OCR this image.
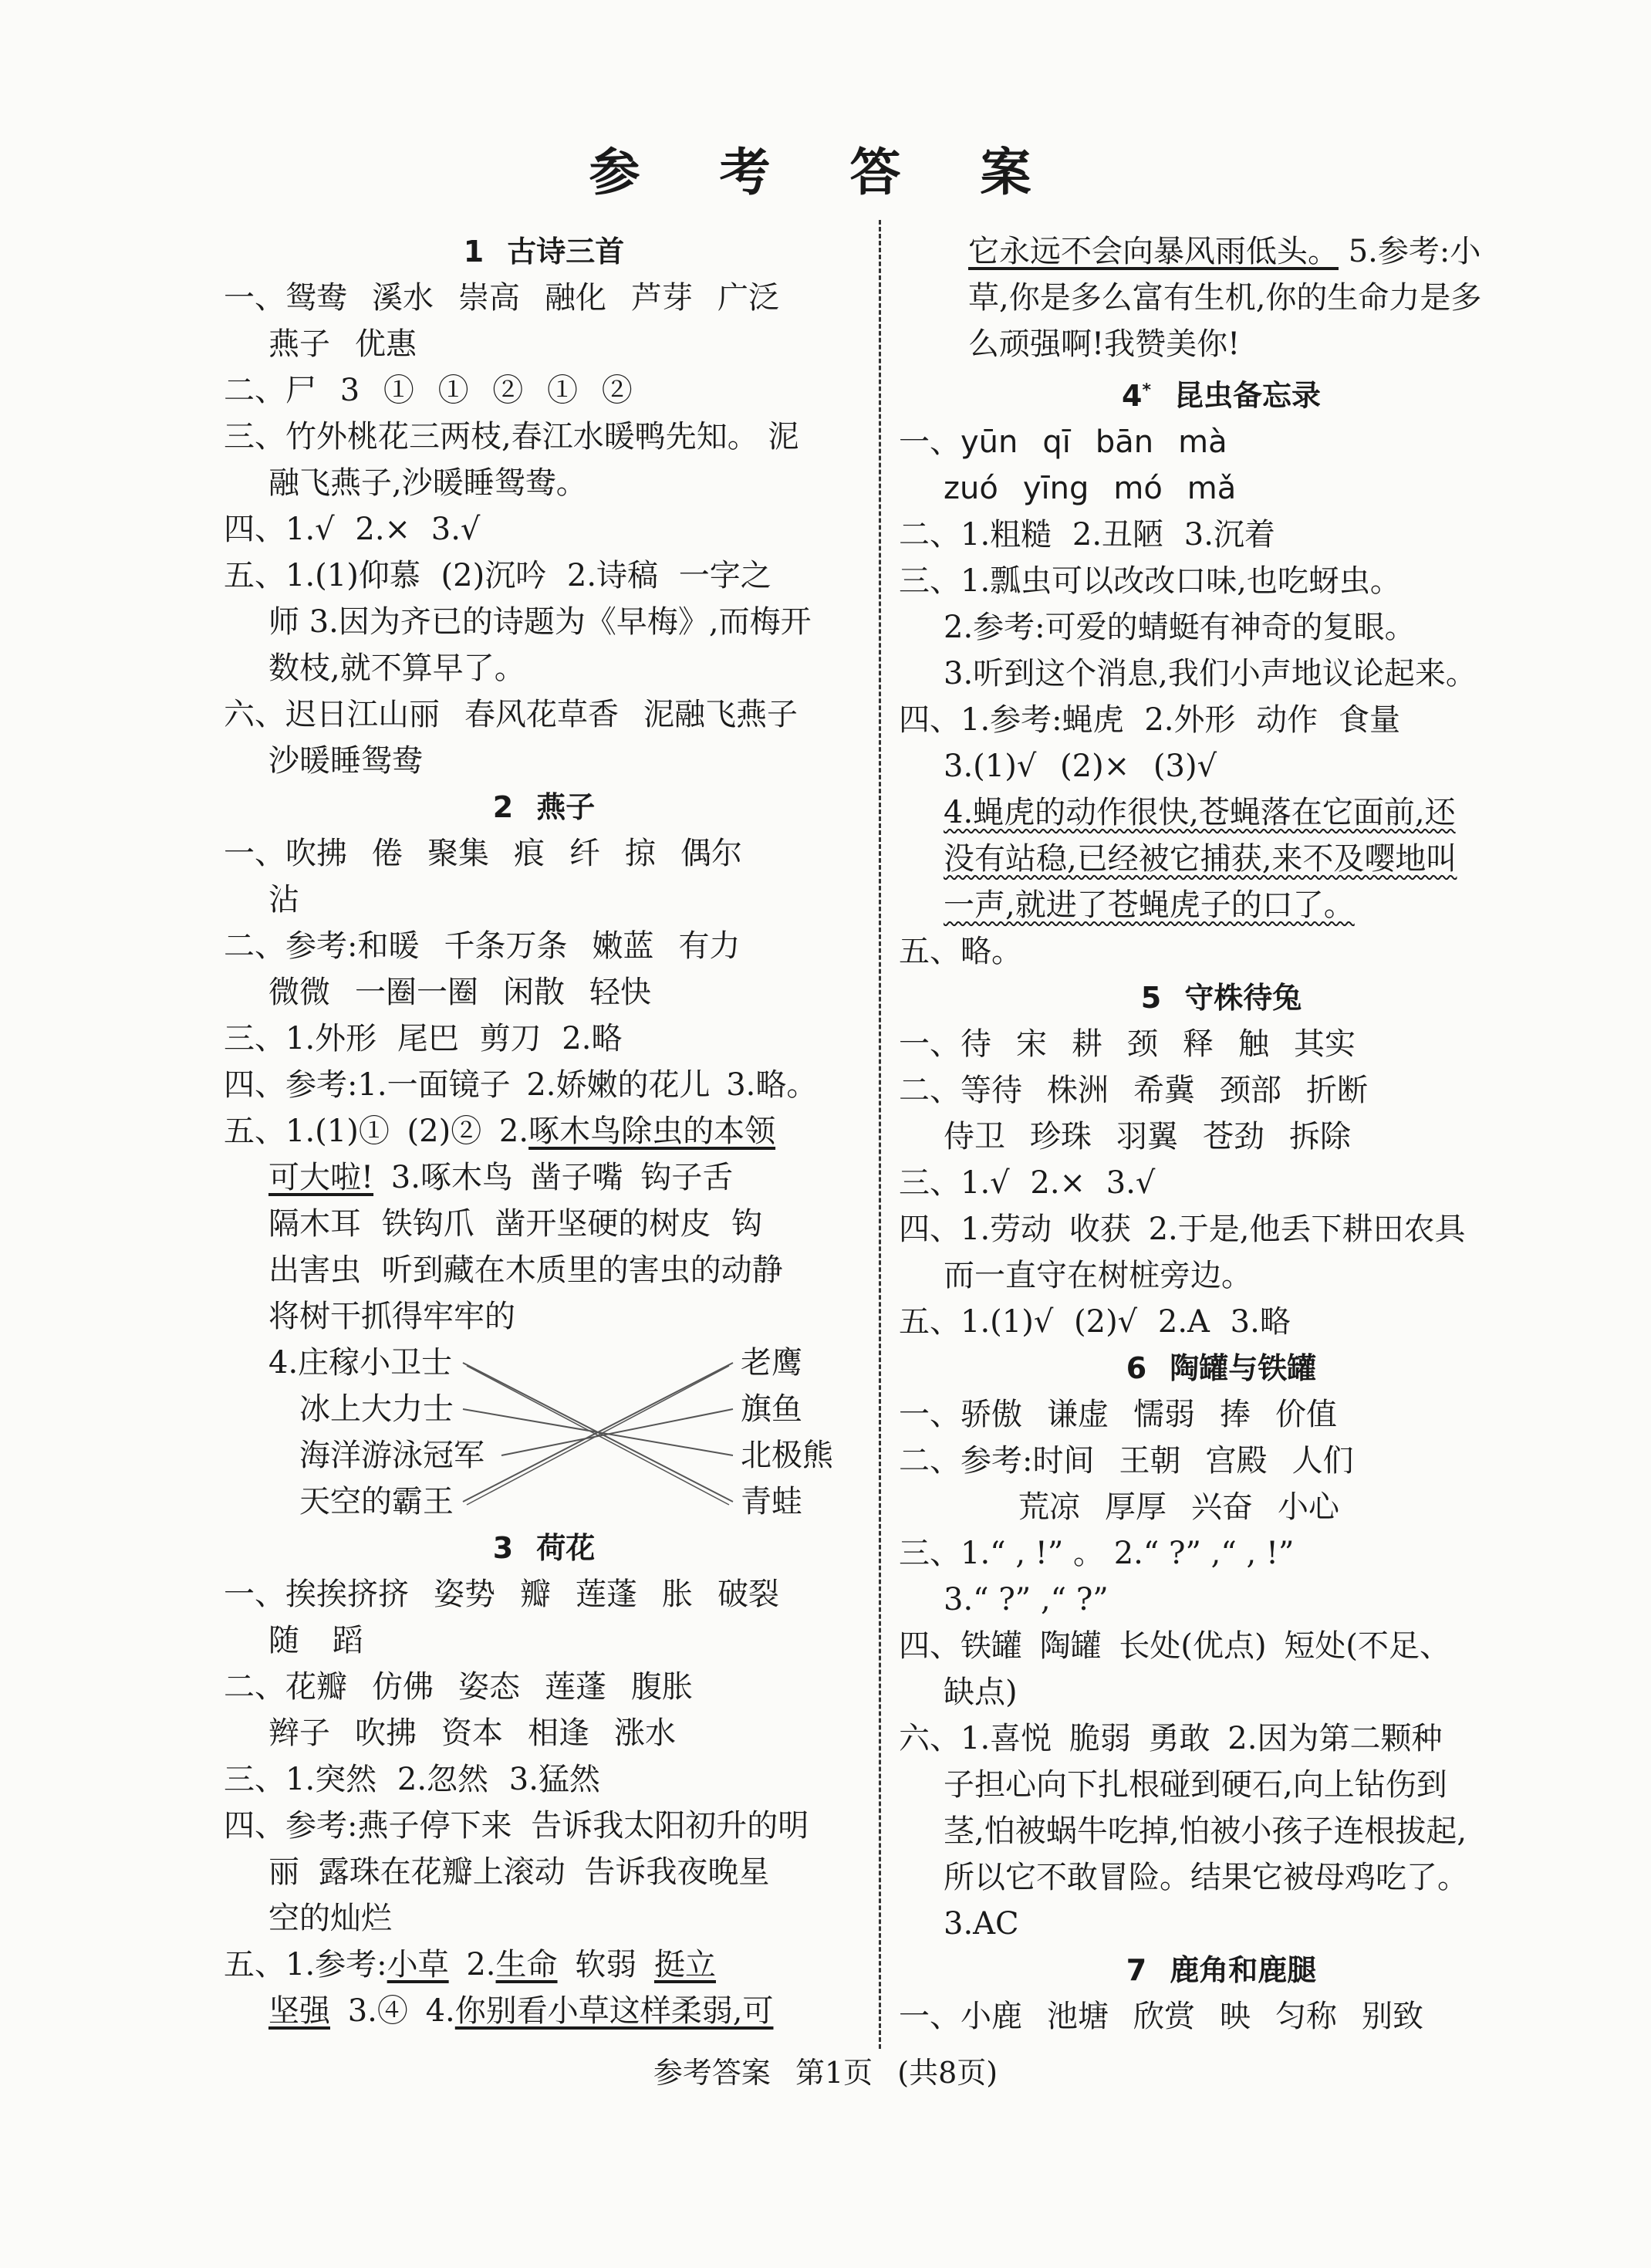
参 考 答 案
1 古诗三首
一、鸳鸯 溪水 崇高 融化 芦芽 广泛
燕子 优惠
二、尸 3 ① ① ② ① ②
三、竹外桃花三两枝,春江水暖鸭先知。 泥
融飞燕子,沙暖睡鸳鸯。
四、1.√ 2.× 3.√
五、1.(1)仰慕 (2)沉吟 2.诗稿 一字之
师 3.因为齐已的诗题为《早梅》,而梅开
数枝,就不算早了。
六、迟日江山丽 春风花草香 泥融飞燕子
沙暖睡鸳鸯
2 燕子
一、吹拂 倦 聚集 痕 纤 掠 偶尔
沾
二、参考:和暖 千条万条 嫩蓝 有力
微微 一圈一圈 闲散 轻快
三、1.外形 尾巴 剪刀 2.略
四、参考:1.一面镜子 2.娇嫩的花儿 3.略。
五、1.(1)① (2)② 2.啄木鸟除虫的本领
可大啦! 3.啄木鸟 凿子嘴 钩子舌
隔木耳 铁钩爪 凿开坚硬的树皮 钩
出害虫 听到藏在木质里的害虫的动静
将树干抓得牢牢的
4.庄稼小卫士
冰上大力士
海洋游泳冠军
天空的霸王
老鹰
旗鱼
北极熊
青蛙
3 荷花
一、挨挨挤挤 姿势 瓣 莲蓬 胀 破裂
随 蹈
二、花瓣 仿佛 姿态 莲蓬 腹胀
辫子 吹拂 资本 相逢 涨水
三、1.突然 2.忽然 3.猛然
四、参考:燕子停下来 告诉我太阳初升的明
丽 露珠在花瓣上滚动 告诉我夜晚星
空的灿烂
五、1.参考:小草 2.生命 软弱 挺立
坚强 3.④ 4.你别看小草这样柔弱,可
它永远不会向暴风雨低头。 5.参考:小
草,你是多么富有生机,你的生命力是多
么顽强啊!我赞美你!
4* 昆虫备忘录
一、yūn qī bān mà
zuó yīng mó mǎ
二、1.粗糙 2.丑陋 3.沉着
三、1.瓢虫可以改改口味,也吃蚜虫。
2.参考:可爱的蜻蜓有神奇的复眼。
3.听到这个消息,我们小声地议论起来。
四、1.参考:蝇虎 2.外形 动作 食量
3.(1)√ (2)× (3)√
4.蝇虎的动作很快,苍蝇落在它面前,还
没有站稳,已经被它捕获,来不及嘤地叫
一声,就进了苍蝇虎子的口了。
五、略。
5 守株待兔
一、待 宋 耕 颈 释 触 其实
二、等待 株洲 希冀 颈部 折断
侍卫 珍珠 羽翼 苍劲 拆除
三、1.√ 2.× 3.√
四、1.劳动 收获 2.于是,他丢下耕田农具
而一直守在树桩旁边。
五、1.(1)√ (2)√ 2.A 3.略
6 陶罐与铁罐
一、骄傲 谦虚 懦弱 捧 价值
二、参考:时间 王朝 宫殿 人们
荒凉 厚厚 兴奋 小心
三、1.“ , !” 。 2.“ ?” ,“ , !”
3.“ ?” ,“ ?”
四、铁罐 陶罐 长处(优点) 短处(不足、
缺点)
六、1.喜悦 脆弱 勇敢 2.因为第二颗种
子担心向下扎根碰到硬石,向上钻伤到
茎,怕被蜗牛吃掉,怕被小孩子连根拔起,
所以它不敢冒险。结果它被母鸡吃了。
3.AC
7 鹿角和鹿腿
一、小鹿 池塘 欣赏 映 匀称 别致
参考答案 第1页 (共8页)
